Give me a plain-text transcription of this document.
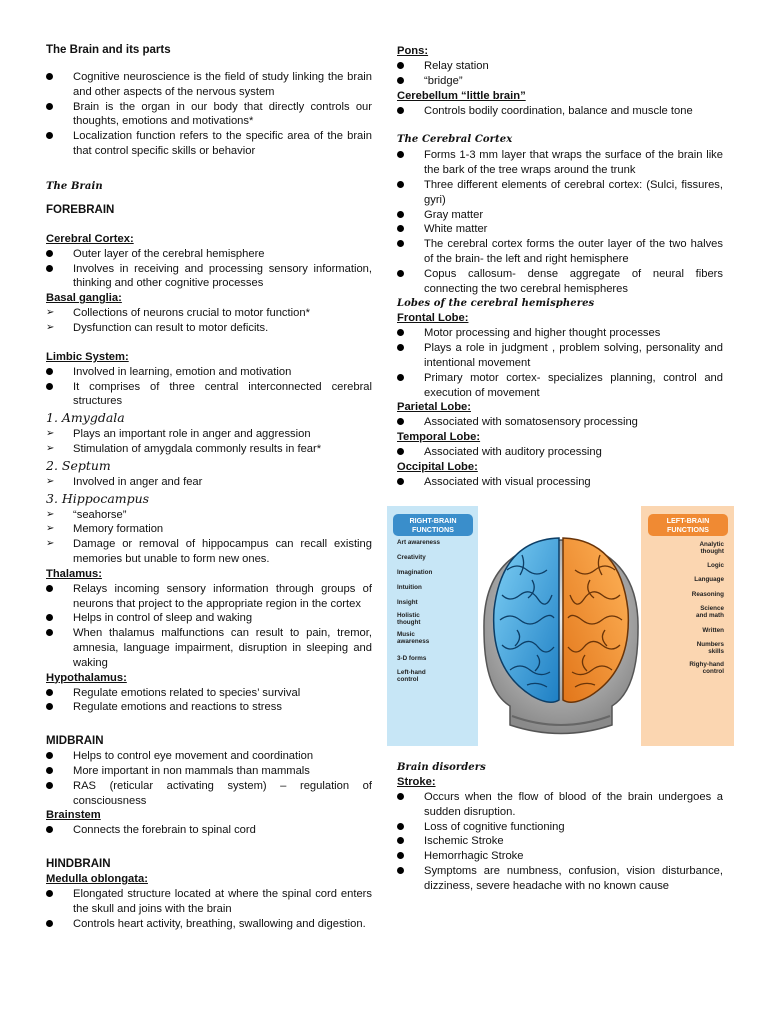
The Brain and its parts

Cognitive neuroscience is the field of study linking the brain and other aspects of the nervous system
Brain is the organ in our body that directly controls our thoughts, emotions and motivations*
Localization function refers to the specific area of the brain that control specific skills or behavior

The Brain

FOREBRAIN

Cerebral Cortex:

Outer layer of the cerebral hemisphere
Involves in receiving and processing sensory information, thinking and other cognitive processes

Basal ganglia:

➢	Collections of neurons crucial to motor function*
➢	Dysfunction can result to motor deficits.

Limbic System:

Involved in learning, emotion and motivation
It comprises of three central interconnected cerebral structures

1. Amygdala

➢	Plays an important role in anger and aggression
➢	Stimulation of amygdala commonly results in fear*

2. Septum

➢	Involved in anger and fear

3. Hippocampus

➢	“seahorse”
➢	Memory formation
➢	Damage or removal of hippocampus can recall existing memories but unable to form new ones.

Thalamus:

Relays incoming sensory information through groups of neurons that project to the appropriate region in the cortex
Helps in control of sleep and waking
When thalamus malfunctions can result to pain, tremor, amnesia, language impairment, disruption in sleeping and waking

Hypothalamus:

Regulate emotions related to species’ survival
Regulate emotions and reactions to stress

MIDBRAIN

Helps to control eye movement and coordination
More important in non mammals than mammals
RAS (reticular activating system) – regulation of consciousness

Brainstem

Connects the forebrain to spinal cord

HINDBRAIN

Medulla oblongata:

Elongated structure located at where the spinal cord enters the skull and joins with the brain
Controls heart activity, breathing, swallowing and digestion.

Pons:

Relay station
“bridge”

Cerebellum “little brain”

Controls bodily coordination, balance and muscle tone

The Cerebral Cortex

Forms 1-3 mm layer that wraps the surface of the brain like the bark of the tree wraps around the trunk
Three different elements of cerebral cortex: (Sulci, fissures, gyri)
Gray matter
White matter
The cerebral cortex forms the outer layer of the two halves of the brain- the left and right hemisphere
Copus callosum- dense aggregate of neural fibers connecting the two cerebral hemispheres

Lobes of the cerebral hemispheres

Frontal Lobe:

Motor processing and higher thought processes
Plays a role in judgment , problem solving, personality and intentional movement
Primary motor cortex- specializes planning, control and execution of movement

Parietal Lobe:

Associated with somatosensory processing

Temporal Lobe:

Associated with auditory processing

Occipital Lobe:

Associated with visual processing
RIGHT-BRAIN FUNCTIONS
Art awareness
Creativity
Imagination
Intuition
Insight
Holistic thought
Music awareness
3-D forms
Left-hand control
LEFT-BRAIN FUNCTIONS
Analytic thought
Logic
Language
Reasoning
Science and math
Written
Numbers skills
Righy-hand control

Brain disorders

Stroke:

Occurs when the flow of blood of the brain undergoes a sudden disruption.
Loss of cognitive functioning
Ischemic Stroke
Hemorrhagic Stroke
Symptoms are numbness, confusion, vision disturbance, dizziness, severe headache with no known cause
